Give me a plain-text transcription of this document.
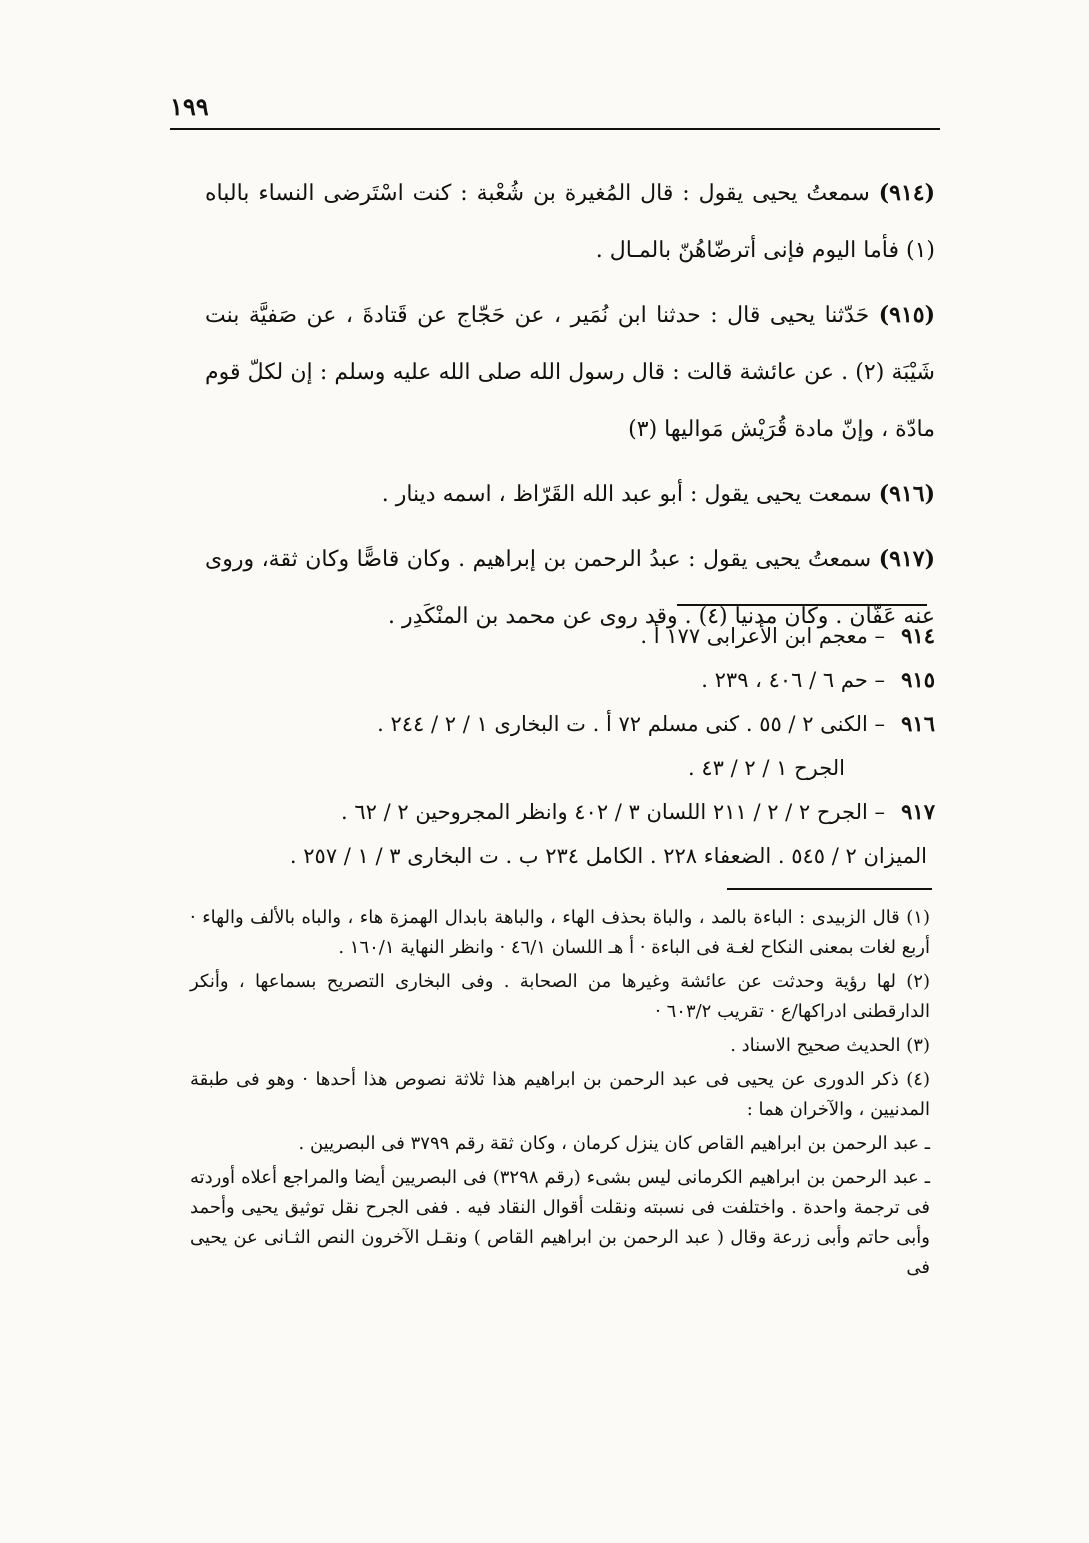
١٩٩

(٩١٤) سمعتُ يحيى يقول : قال المُغيرة بن شُعْبة : كنت اسْتَرضى النساء بالباه (١) فأما اليوم فإنى أترضّاهُنّ بالمـال .

(٩١٥) حَدّثنا يحيى قال : حدثنا ابن نُمَير ، عن حَجّاج عن قَتادةَ ، عن صَفيَّة بنت شَيْبَة (٢) . عن عائشة قالت : قال رسول الله صلى الله عليه وسلم : إن لكلّ قوم مادّة ، وإنّ مادة قُرَيْش مَواليها (٣)

(٩١٦) سمعت يحيى يقول : أبو عبد الله القَرّاظ ، اسمه دينار .

(٩١٧) سمعتُ يحيى يقول : عبدُ الرحمن بن إبراهيم . وكان قاصًّا وكان ثقة، وروى عنه عَفّان . وكان مدنيا (٤) . وقد روى عن محمد بن المنْكَدِر .

٩١٤– معجم ابن الأعرابى ١٧٧ أ .

٩١٥– حم ٦ / ٤٠٦ ، ٢٣٩ .

٩١٦– الكنى ٢ / ٥٥ . كنى مسلم ٧٢ أ . ت البخارى ١ / ٢ / ٢٤٤ .

الجرح ١ / ٢ / ٤٣ .

٩١٧– الجرح ٢ / ٢ / ٢١١ اللسان ٣ / ٤٠٢ وانظر المجروحين ٢ / ٦٢ .

الميزان ٢ / ٥٤٥ . الضعفاء ٢٢٨ . الكامل ٢٣٤ ب . ت البخارى ٣ / ١ / ٢٥٧ .

(١) قال الزبيدى : الباءة بالمد ، والباة بحذف الهاء ، والباهة بابدال الهمزة هاء ، والباه بالألف والهاء · أربع لغات بمعنى النكاح لغـة فى الباءة · أ هـ اللسان ٤٦/١ · وانظر النهاية ١٦٠/١ .

(٢) لها رؤية وحدثت عن عائشة وغيرها من الصحابة . وفى البخارى التصريح بسماعها ، وأنكر الدارقطنى ادراكها/ع · تقريب ٦٠٣/٢ ·

(٣) الحديث صحيح الاسناد .

(٤) ذكر الدورى عن يحيى فى عبد الرحمن بن ابراهيم هذا ثلاثة نصوص هذا أحدها · وهو فى طبقة المدنيين ، والآخران هما :

ـ عبد الرحمن بن ابراهيم القاص كان ينزل كرمان ، وكان ثقة رقم ٣٧٩٩ فى البصريين .

ـ عبد الرحمن بن ابراهيم الكرمانى ليس بشىء (رقم ٣٢٩٨) فى البصريين أيضا والمراجع أعلاه أوردته فى ترجمة واحدة . واختلفت فى نسبته ونقلت أقوال النقاد فيه . ففى الجرح نقل توثيق يحيى وأحمد وأبى حاتم وأبى زرعة وقال ( عبد الرحمن بن ابراهيم القاص ) ونقـل الآخرون النص الثـانى عن يحيى فى
